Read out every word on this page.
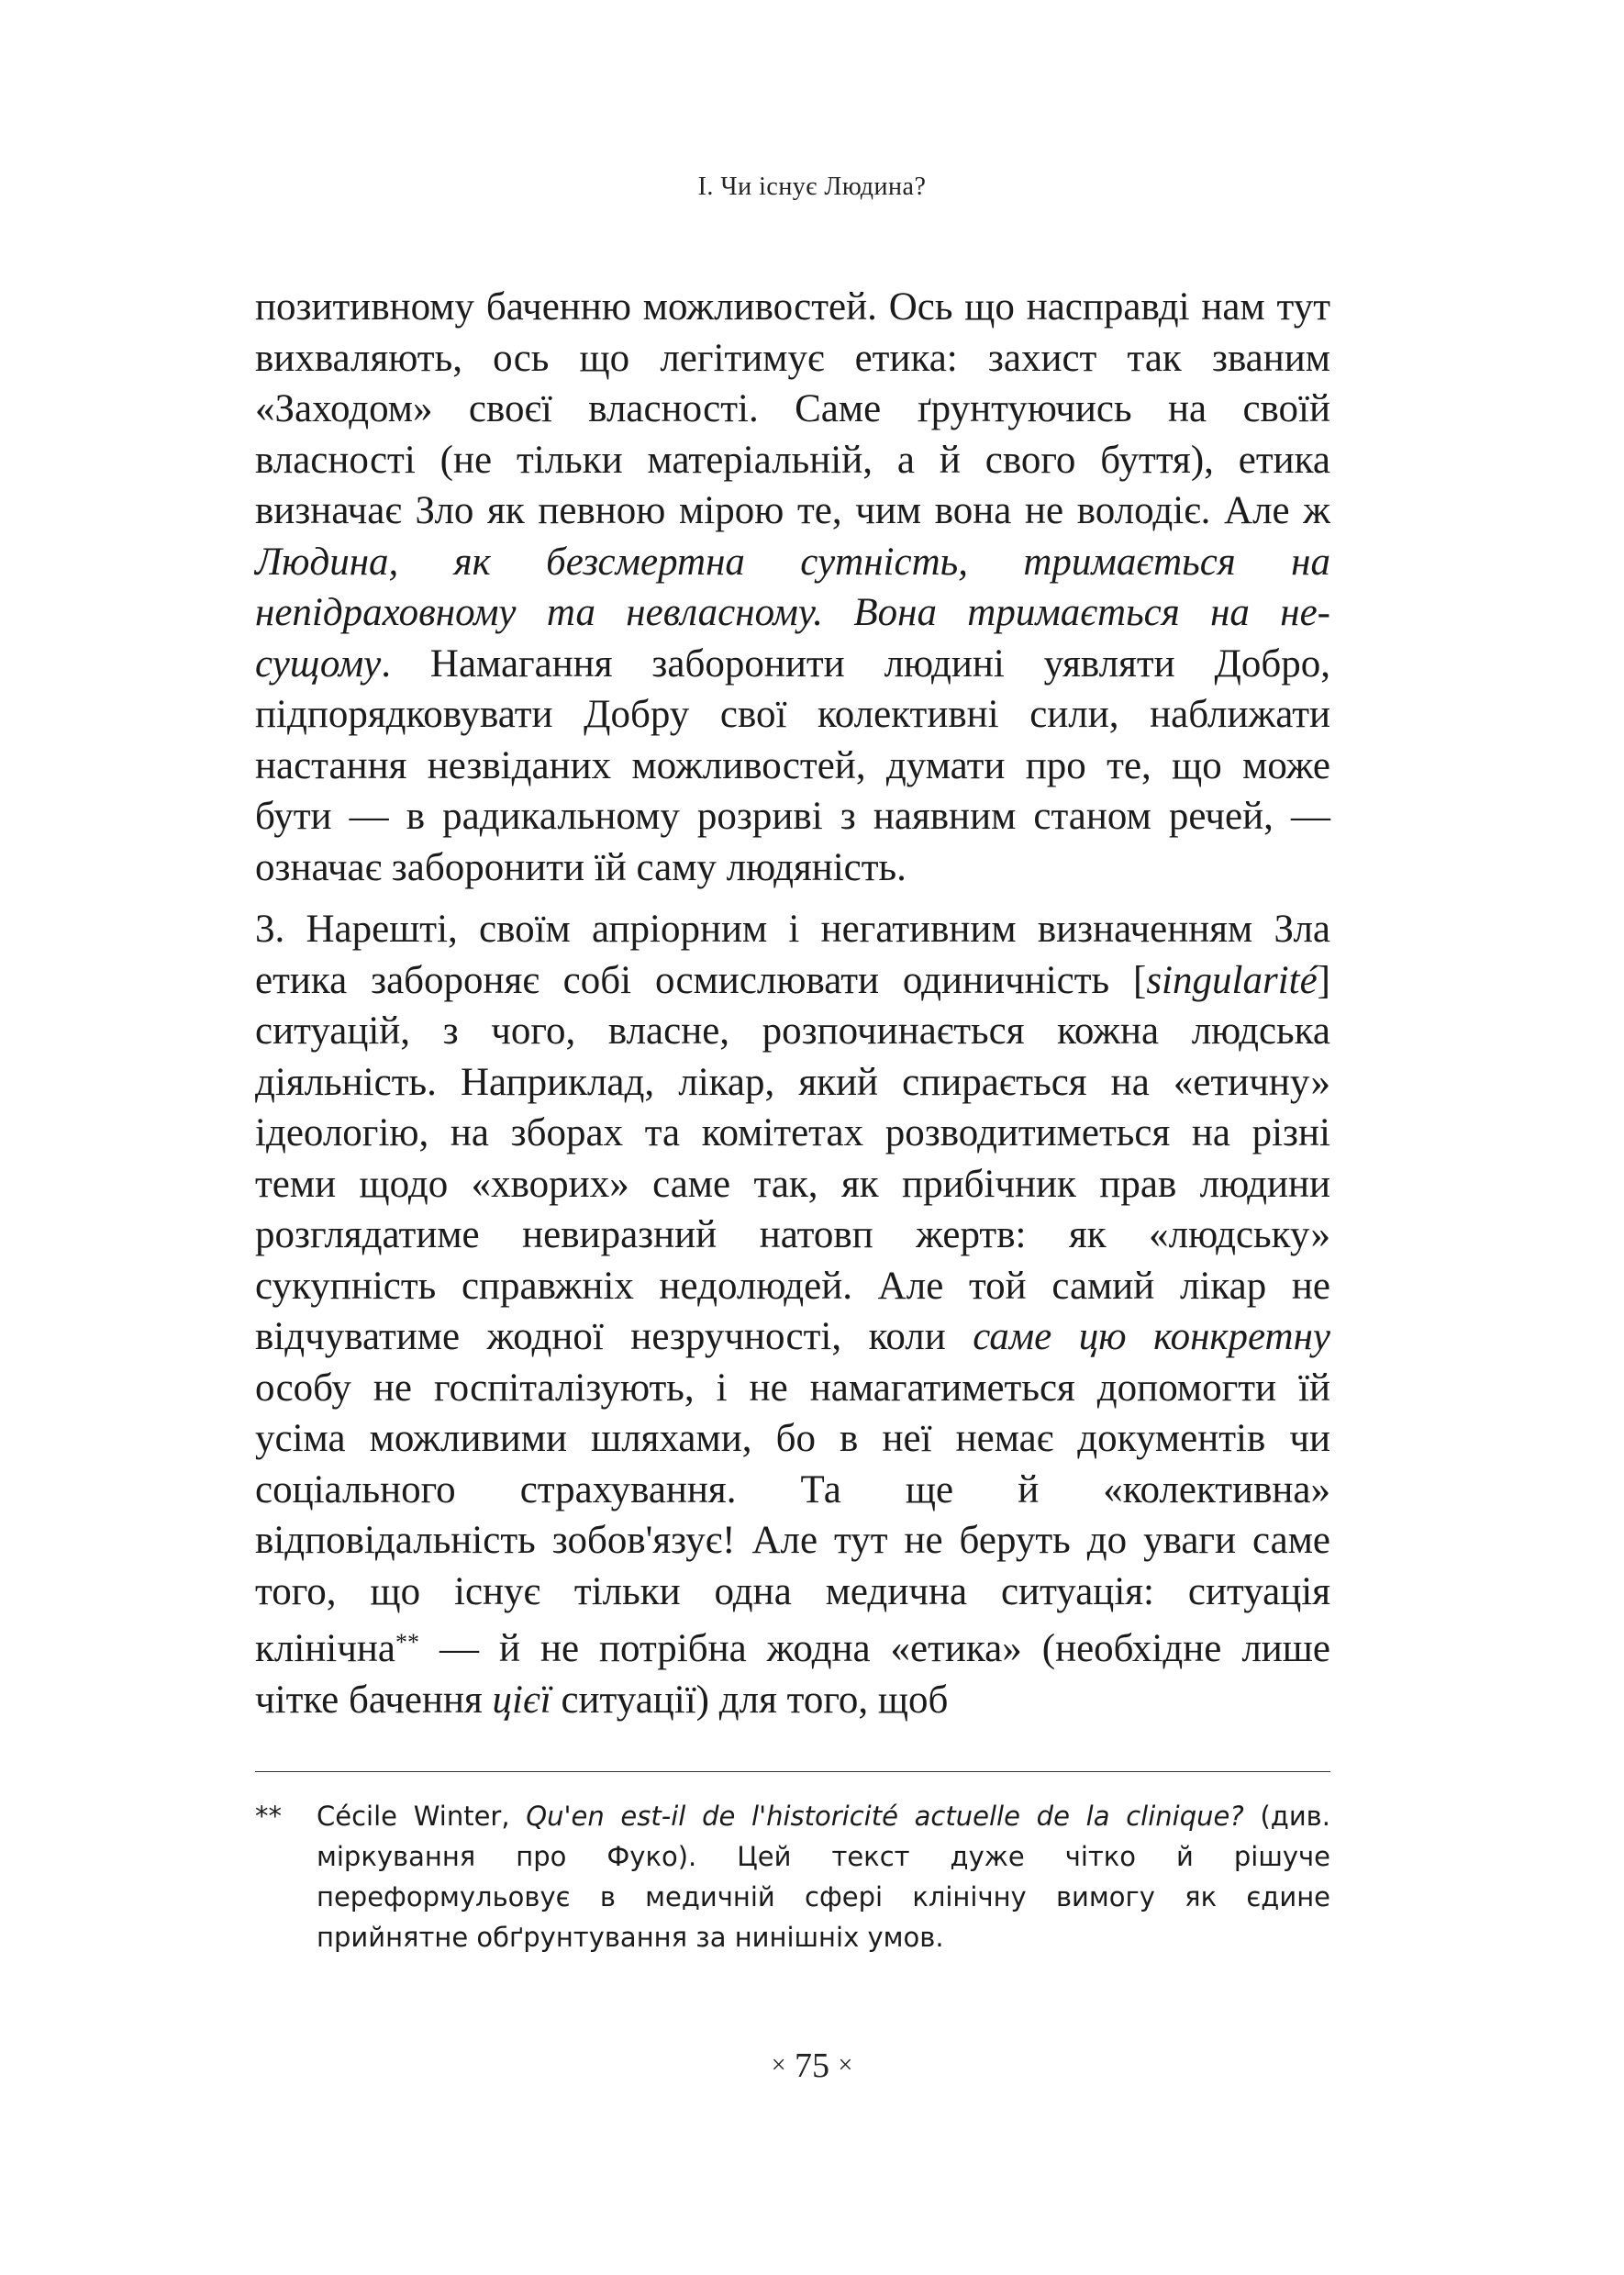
I. Чи існує Людина?
позитивному баченню можливостей. Ось що насправді нам тут вихваляють, ось що легітимує етика: захист так званим «Заходом» своєї власності. Саме ґрунтуючись на своїй власності (не тільки матеріальній, а й свого буття), етика визначає Зло як певною мірою те, чим вона не володіє. Але ж Людина, як безсмертна сутність, тримається на непідраховному та невласному. Вона тримається на не-сущому. Намагання заборонити людині уявляти Добро, підпорядковувати Добру свої колективні сили, наближати настання незвіданих можливостей, думати про те, що може бути — в радикальному розриві з наявним станом речей, — означає заборонити їй саму людяність.
3. Нарешті, своїм апріорним і негативним визначенням Зла етика забороняє собі осмислювати одиничність [singularité] ситуацій, з чого, власне, розпочинається кожна людська діяльність. Наприклад, лікар, який спирається на «етичну» ідеологію, на зборах та комітетах розводитиметься на різні теми щодо «хворих» саме так, як прибічник прав людини розглядатиме невиразний натовп жертв: як «людську» сукупність справжніх недолюдей. Але той самий лікар не відчуватиме жодної незручності, коли саме цю конкретну особу не госпіталізують, і не намагатиметься допомогти їй усіма можливими шляхами, бо в неї немає документів чи соціального страхування. Та ще й «колективна» відповідальність зобов'язує! Але тут не беруть до уваги саме того, що існує тільки одна медична ситуація: ситуація клінічна** — й не потрібна жодна «етика» (необхідне лише чітке бачення цієї ситуації) для того, щоб
**	Cécile Winter, Qu'en est-il de l'historicité actuelle de la clinique? (див. міркування про Фуко). Цей текст дуже чітко й рішуче переформульовує в медичній сфері клінічну вимогу як єдине прийнятне обґрунтування за нинішніх умов.
× 75 ×
